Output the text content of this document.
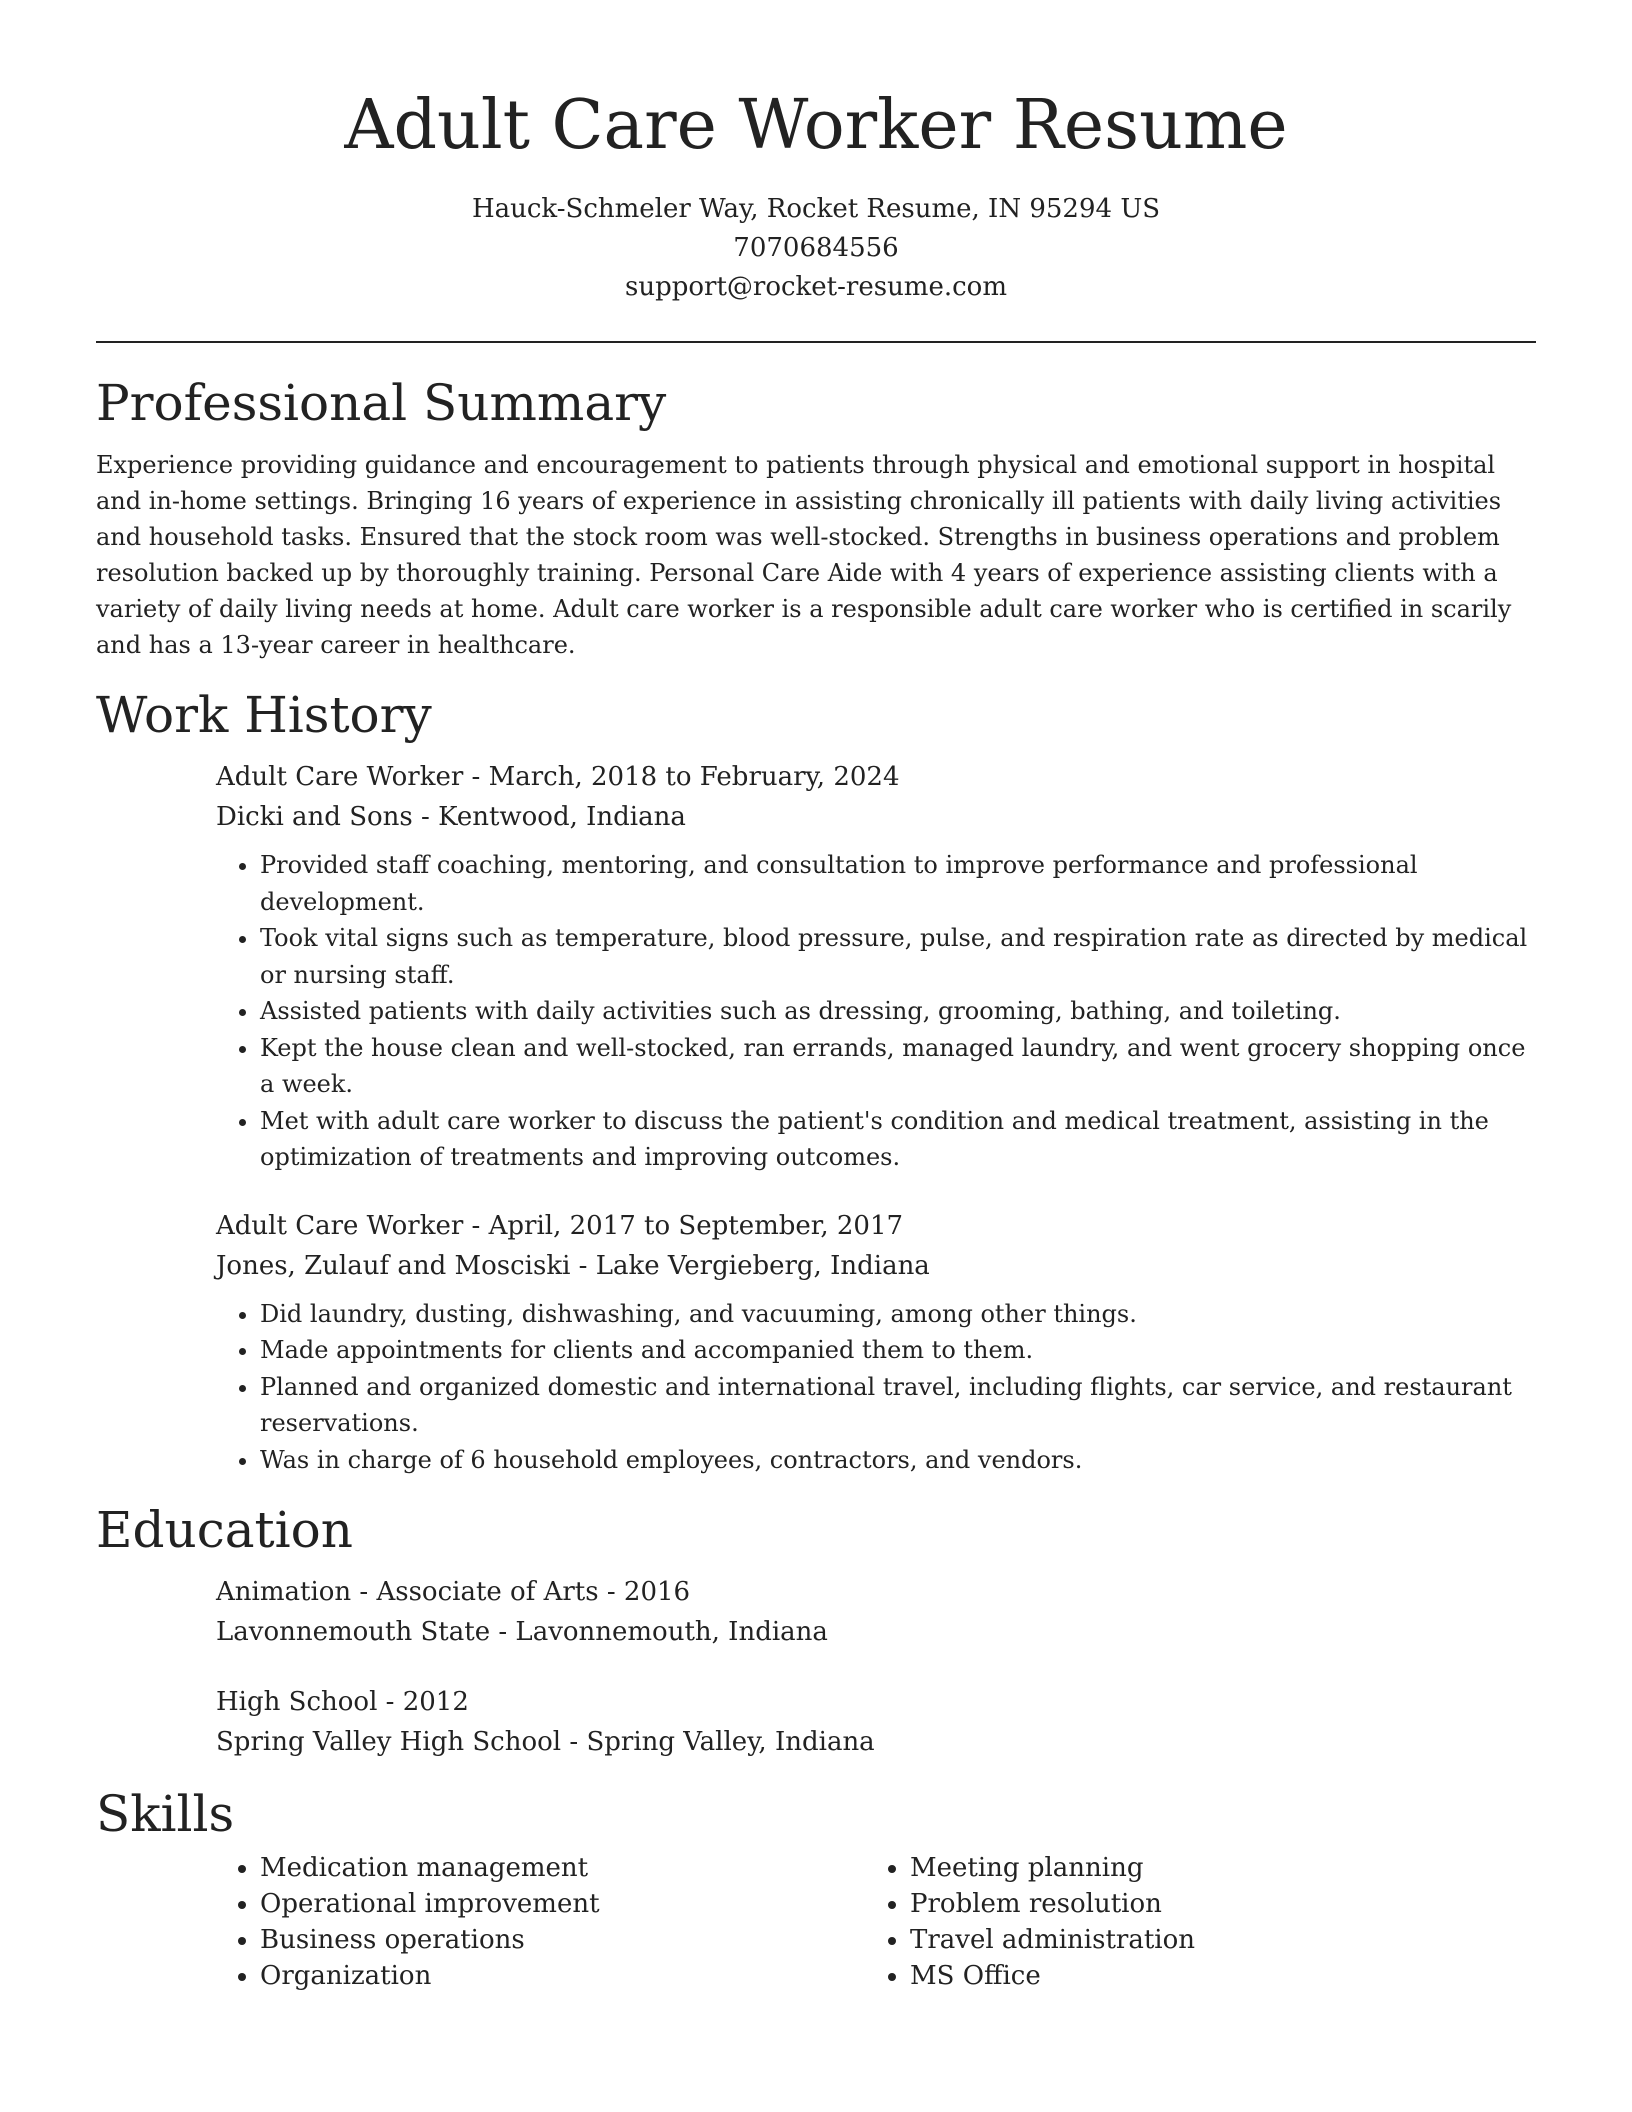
Adult Care Worker Resume
Hauck-Schmeler Way, Rocket Resume, IN 95294 US
7070684556
support@rocket-resume.com
Professional Summary

Experience providing guidance and encouragement to patients through physical and emotional support in hospital and in-home settings. Bringing 16 years of experience in assisting chronically ill patients with daily living activities and household tasks. Ensured that the stock room was well-stocked. Strengths in business operations and problem resolution backed up by thoroughly training. Personal Care Aide with 4 years of experience assisting clients with a variety of daily living needs at home. Adult care worker is a responsible adult care worker who is certified in scarily and has a 13-year career in healthcare.

Work History
Adult Care Worker - March, 2018 to February, 2024
Dicki and Sons - Kentwood, Indiana
• Provided staff coaching, mentoring, and consultation to improve performance and professional development.
• Took vital signs such as temperature, blood pressure, pulse, and respiration rate as directed by medical or nursing staff.
• Assisted patients with daily activities such as dressing, grooming, bathing, and toileting.
• Kept the house clean and well-stocked, ran errands, managed laundry, and went grocery shopping once a week.
• Met with adult care worker to discuss the patient's condition and medical treatment, assisting in the optimization of treatments and improving outcomes.
Adult Care Worker - April, 2017 to September, 2017
Jones, Zulauf and Mosciski - Lake Vergieberg, Indiana
• Did laundry, dusting, dishwashing, and vacuuming, among other things.
• Made appointments for clients and accompanied them to them.
• Planned and organized domestic and international travel, including flights, car service, and restaurant reservations.
• Was in charge of 6 household employees, contractors, and vendors.
Education
Animation - Associate of Arts - 2016
Lavonnemouth State - Lavonnemouth, Indiana
High School - 2012
Spring Valley High School - Spring Valley, Indiana
Skills
• Medication management
• Operational improvement
• Business operations
• Organization
• Meeting planning
• Problem resolution
• Travel administration
• MS Office
